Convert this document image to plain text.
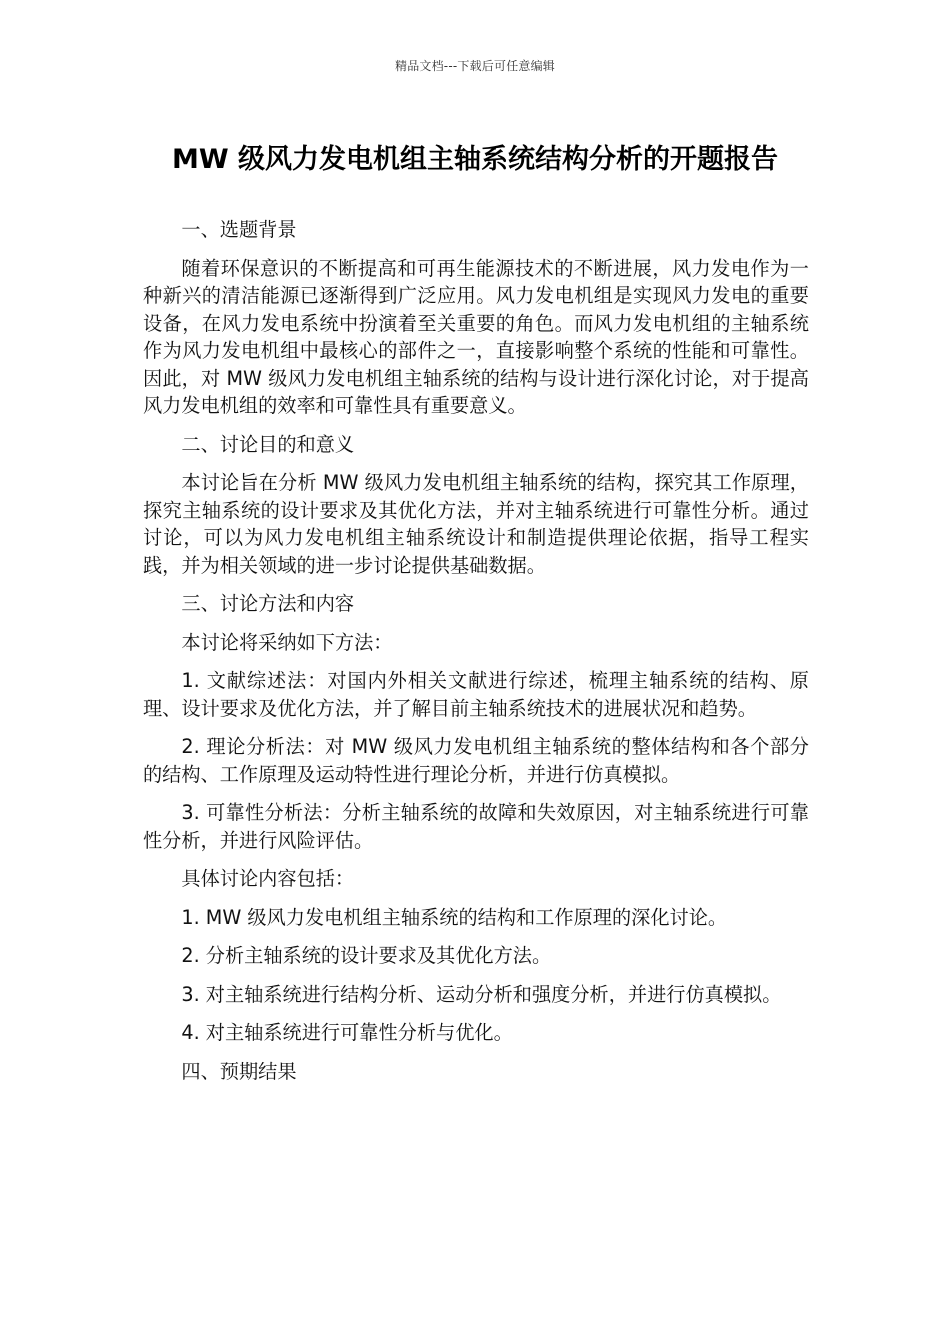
精品文档---下载后可任意编辑
MW 级风力发电机组主轴系统结构分析的开题报告

一、选题背景

随着环保意识的不断提高和可再生能源技术的不断进展，风力发电作为一种新兴的清洁能源已逐渐得到广泛应用。风力发电机组是实现风力发电的重要设备，在风力发电系统中扮演着至关重要的角色。而风力发电机组的主轴系统作为风力发电机组中最核心的部件之一，直接影响整个系统的性能和可靠性。因此，对 MW 级风力发电机组主轴系统的结构与设计进行深化讨论，对于提高风力发电机组的效率和可靠性具有重要意义。

二、讨论目的和意义

本讨论旨在分析 MW 级风力发电机组主轴系统的结构，探究其工作原理，探究主轴系统的设计要求及其优化方法，并对主轴系统进行可靠性分析。通过讨论，可以为风力发电机组主轴系统设计和制造提供理论依据，指导工程实践，并为相关领域的进一步讨论提供基础数据。

三、讨论方法和内容

本讨论将采纳如下方法：

1. 文献综述法：对国内外相关文献进行综述，梳理主轴系统的结构、原理、设计要求及优化方法，并了解目前主轴系统技术的进展状况和趋势。

2. 理论分析法：对 MW 级风力发电机组主轴系统的整体结构和各个部分的结构、工作原理及运动特性进行理论分析，并进行仿真模拟。

3. 可靠性分析法：分析主轴系统的故障和失效原因，对主轴系统进行可靠性分析，并进行风险评估。

具体讨论内容包括：

1. MW 级风力发电机组主轴系统的结构和工作原理的深化讨论。

2. 分析主轴系统的设计要求及其优化方法。

3. 对主轴系统进行结构分析、运动分析和强度分析，并进行仿真模拟。

4. 对主轴系统进行可靠性分析与优化。

四、预期结果
